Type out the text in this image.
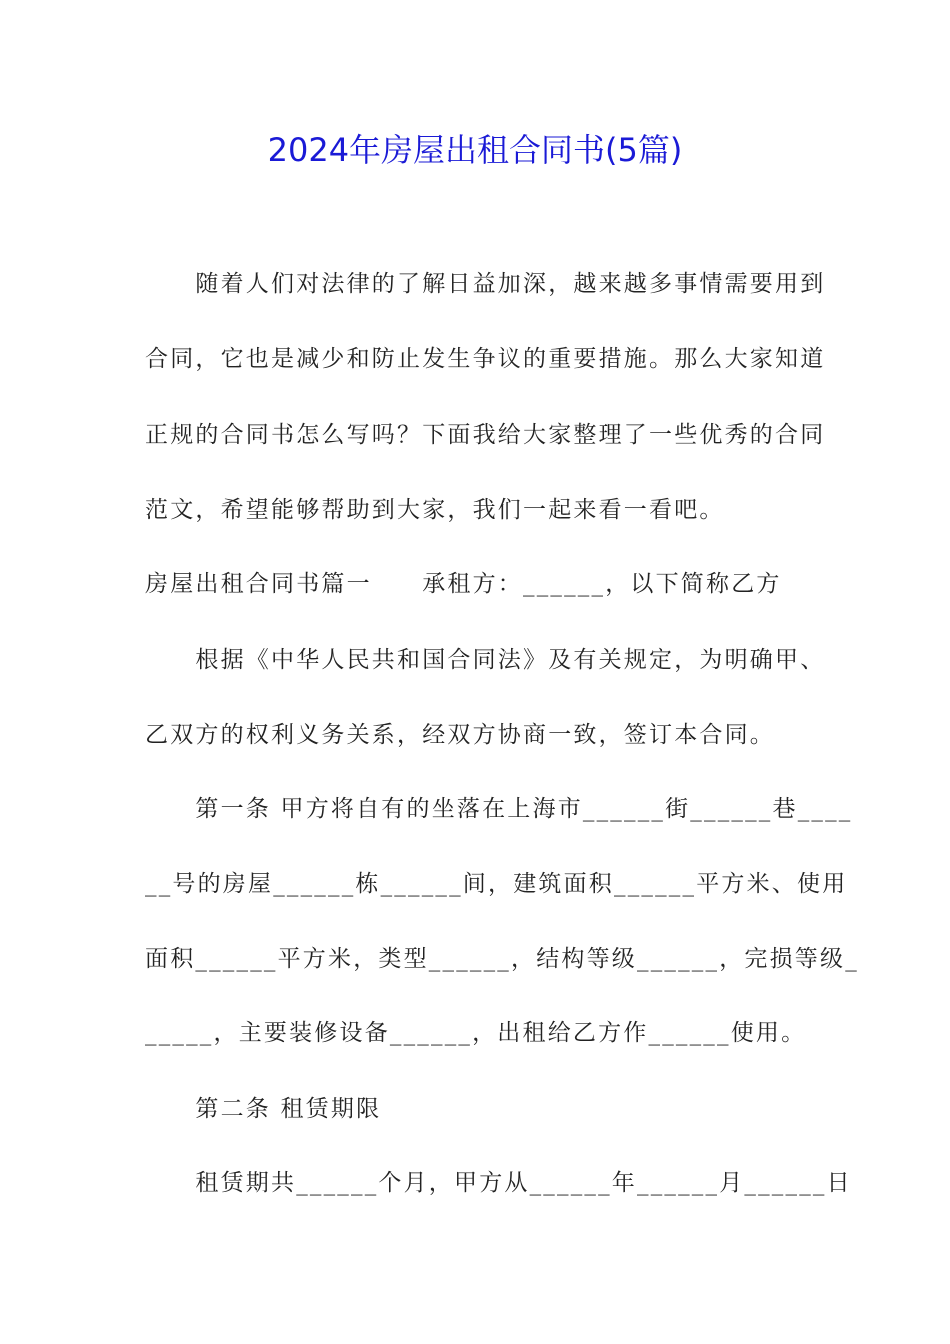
2024年房屋出租合同书(5篇)
　　随着人们对法律的了解日益加深，越来越多事情需要用到
合同，它也是减少和防止发生争议的重要措施。那么大家知道
正规的合同书怎么写吗？下面我给大家整理了一些优秀的合同
范文，希望能够帮助到大家，我们一起来看一看吧。
房屋出租合同书篇一　　承租方：______，以下简称乙方
　　根据《中华人民共和国合同法》及有关规定，为明确甲、
乙双方的权利义务关系，经双方协商一致，签订本合同。
　　第一条 甲方将自有的坐落在上海市______街______巷____
__号的房屋______栋______间，建筑面积______平方米、使用
面积______平方米，类型______，结构等级______，完损等级_
_____，主要装修设备______，出租给乙方作______使用。
　　第二条 租赁期限
　　租赁期共______个月，甲方从______年______月______日
